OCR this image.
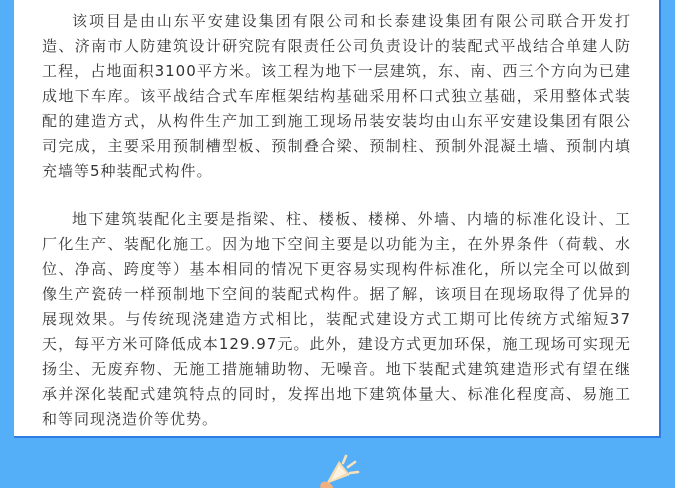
该项目是由山东平安建设集团有限公司和长泰建设集团有限公司联合开发打造、济南市人防建筑设计研究院有限责任公司负责设计的装配式平战结合单建人防工程，占地面积3100平方米。该工程为地下一层建筑，东、南、西三个方向为已建成地下车库。该平战结合式车库框架结构基础采用杯口式独立基础，采用整体式装配的建造方式，从构件生产加工到施工现场吊装安装均由山东平安建设集团有限公司完成，主要采用预制槽型板、预制叠合梁、预制柱、预制外混凝土墙、预制内填充墙等5种装配式构件。

地下建筑装配化主要是指梁、柱、楼板、楼梯、外墙、内墙的标准化设计、工厂化生产、装配化施工。因为地下空间主要是以功能为主，在外界条件（荷载、水位、净高、跨度等）基本相同的情况下更容易实现构件标准化，所以完全可以做到像生产瓷砖一样预制地下空间的装配式构件。据了解，该项目在现场取得了优异的展现效果。与传统现浇建造方式相比，装配式建设方式工期可比传统方式缩短37天，每平方米可降低成本129.97元。此外，建设方式更加环保，施工现场可实现无扬尘、无废弃物、无施工措施辅助物、无噪音。地下装配式建筑建造形式有望在继承并深化装配式建筑特点的同时，发挥出地下建筑体量大、标准化程度高、易施工和等同现浇造价等优势。
